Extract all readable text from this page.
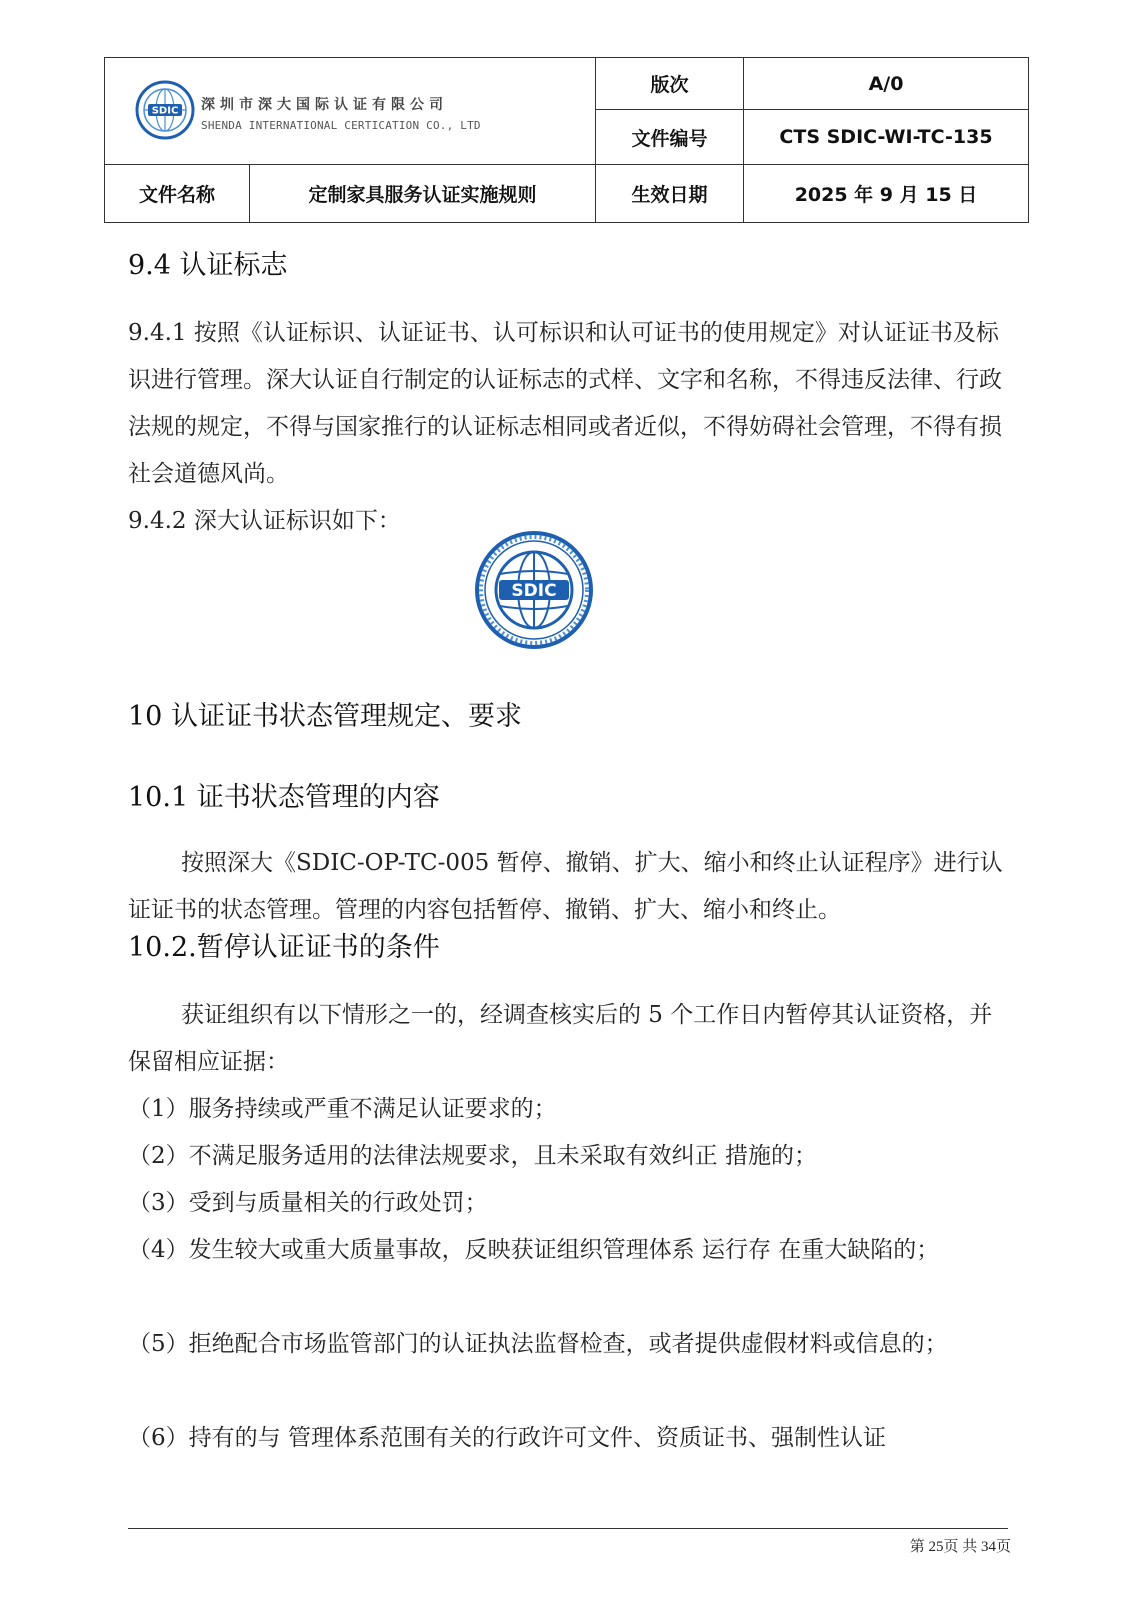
SDIC 深圳市深大国际认证有限公司
SHENDA INTERNATIONAL CERTICATION CO., LTD		版次	A/0
		文件编号	CTS SDIC-WI-TC-135
文件名称	定制家具服务认证实施规则	生效日期	2025 年 9 月 15 日
9.4 认证标志

9.4.1 按照《认证标识、认证证书、认可标识和认可证书的使用规定》对认证证书及标识进行管理。深大认证自行制定的认证标志的式样、文字和名称，不得违反法律、行政法规的规定，不得与国家推行的认证标志相同或者近似，不得妨碍社会管理，不得有损社会道德风尚。

9.4.2 深大认证标识如下：

SDIC
10 认证证书状态管理规定、要求
10.1 证书状态管理的内容

按照深大《SDIC-OP-TC-005 暂停、撤销、扩大、缩小和终止认证程序》进行认证证书的状态管理。管理的内容包括暂停、撤销、扩大、缩小和终止。

10.2.暂停认证证书的条件

获证组织有以下情形之一的，经调查核实后的 5 个工作日内暂停其认证资格，并保留相应证据：

（1）服务持续或严重不满足认证要求的；

（2）不满足服务适用的法律法规要求，且未采取有效纠正 措施的；

（3）受到与质量相关的行政处罚；

（4）发生较大或重大质量事故，反映获证组织管理体系 运行存 在重大缺陷的；

（5）拒绝配合市场监管部门的认证执法监督检查，或者提供虚假材料或信息的；

（6）持有的与 管理体系范围有关的行政许可文件、资质证书、强制性认证

第 25页 共 34页
